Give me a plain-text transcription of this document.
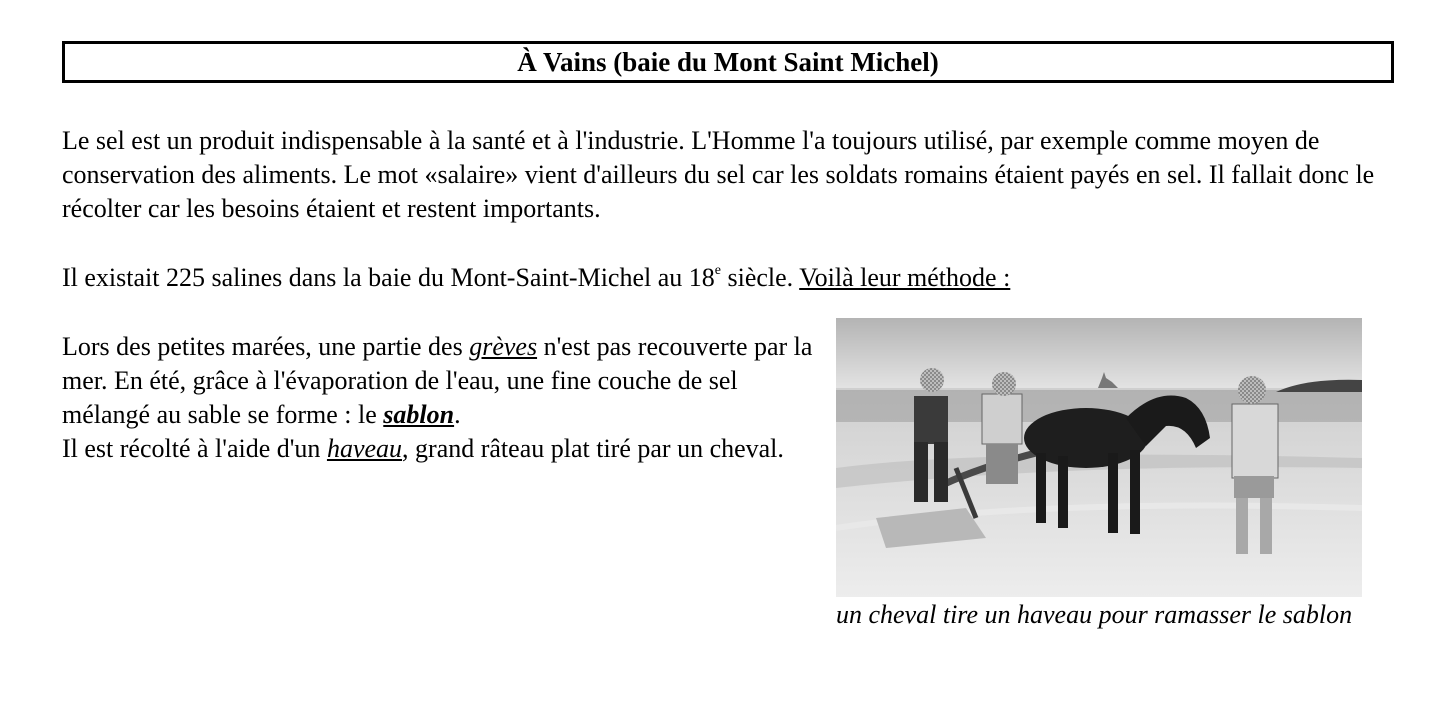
À Vains (baie du Mont Saint Michel)

Le sel est un produit indispensable à la santé et à l'industrie. L'Homme l'a toujours utilisé, par exemple comme moyen de conservation des aliments. Le mot «salaire» vient d'ailleurs du sel car les soldats romains étaient payés en sel. Il fallait donc le récolter car les besoins étaient et restent importants.

Il existait 225 salines dans la baie du Mont-Saint-Michel au 18e siècle. Voilà leur méthode :

Lors des petites marées, une partie des grèves n'est pas recouverte par la mer. En été, grâce à l'évaporation de l'eau, une fine couche de sel mélangé au sable se forme : le sablon.
Il est récolté à l'aide d'un haveau, grand râteau plat tiré par un cheval.

un cheval tire un haveau pour ramasser le sablon
